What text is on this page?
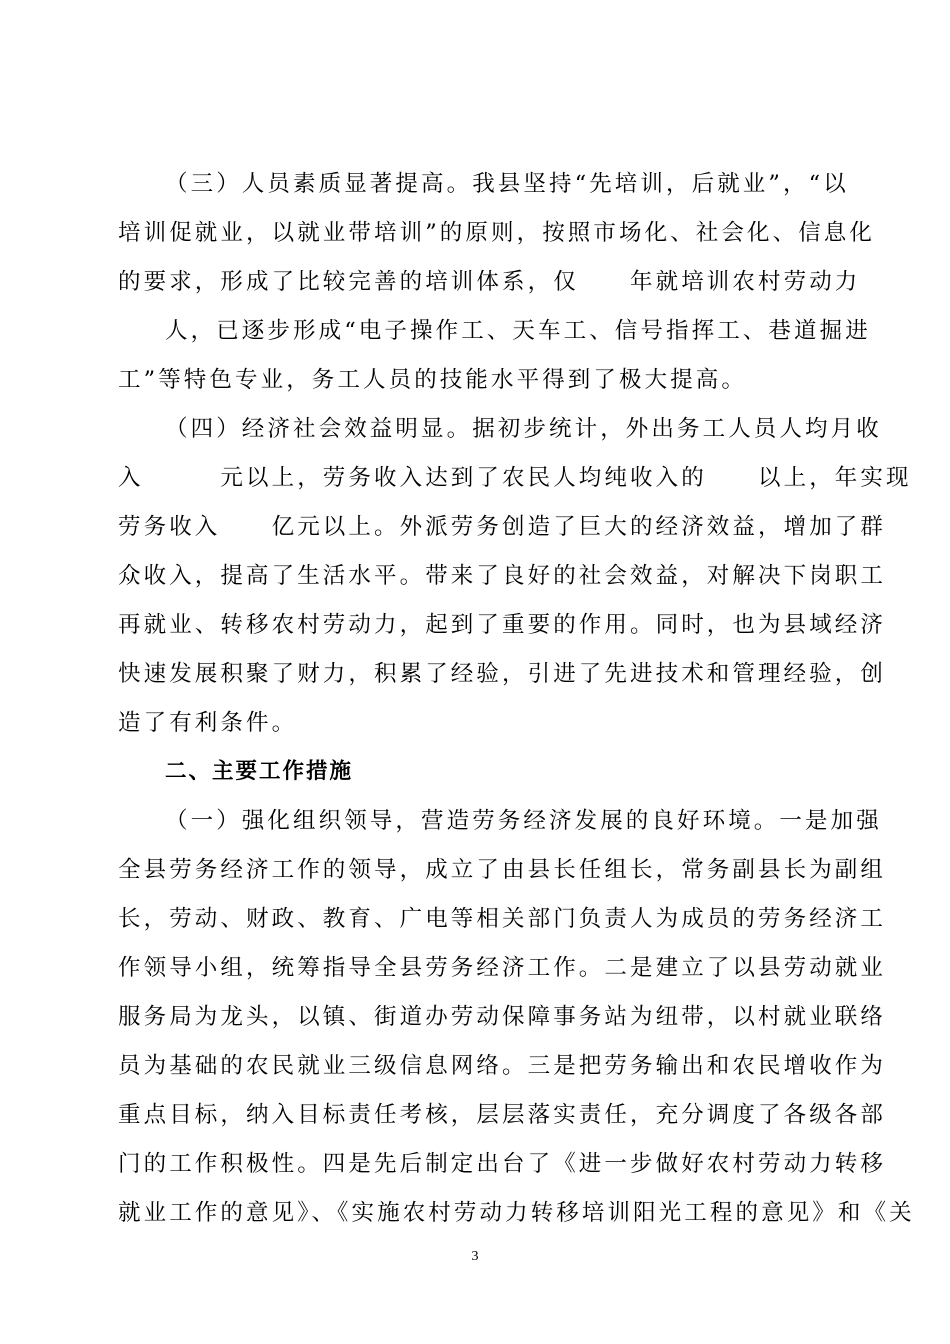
（三）人员素质显著提高。我县坚持“先培训，后就业”，“以
培训促就业，以就业带培训”的原则，按照市场化、社会化、信息化
的要求，形成了比较完善的培训体系，仅　　年就培训农村劳动力
人，已逐步形成“电子操作工、天车工、信号指挥工、巷道掘进
工”等特色专业，务工人员的技能水平得到了极大提高。
（四）经济社会效益明显。据初步统计，外出务工人员人均月收
入　　　元以上，劳务收入达到了农民人均纯收入的　　以上，年实现
劳务收入　　亿元以上。外派劳务创造了巨大的经济效益，增加了群
众收入，提高了生活水平。带来了良好的社会效益，对解决下岗职工
再就业、转移农村劳动力，起到了重要的作用。同时，也为县域经济
快速发展积聚了财力，积累了经验，引进了先进技术和管理经验，创
造了有利条件。
二、主要工作措施
（一）强化组织领导，营造劳务经济发展的良好环境。一是加强
全县劳务经济工作的领导，成立了由县长任组长，常务副县长为副组
长，劳动、财政、教育、广电等相关部门负责人为成员的劳务经济工
作领导小组，统筹指导全县劳务经济工作。二是建立了以县劳动就业
服务局为龙头，以镇、街道办劳动保障事务站为纽带，以村就业联络
员为基础的农民就业三级信息网络。三是把劳务输出和农民增收作为
重点目标，纳入目标责任考核，层层落实责任，充分调度了各级各部
门的工作积极性。四是先后制定出台了《进一步做好农村劳动力转移
就业工作的意见》、《实施农村劳动力转移培训阳光工程的意见》和《关
3
